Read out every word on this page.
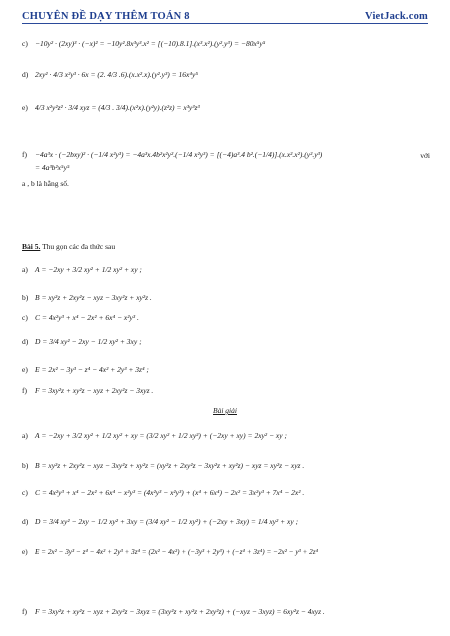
CHUYÊN ĐỀ DẠY THÊM TOÁN 8	VietJack.com
c) −10y² · (2xy)³ · (−x)² = −10y².8x³y³.x² = [(−10).8.1].(x³.x²).(y².y³) = −80x⁵y⁵
d) 2xy² · 4/3 x²y³ · 6x = (2. 4/3 .6).(x.x².x).(y².y³) = 16x⁴y⁵
e) 4/3 x²y²z² · 3/4 xyz = (4/3 . 3/4).(x²x).(y²y).(z²z) = x³y³z³
f) −4a³x · (−2bxy)² · (−1/4 x²y³) = −4a³x.4b²x²y².(−1/4 x²y³) = [(−4)a³.4 b².(−1/4)].(x.x².x²).(y².y³)	với
= 4a³b²x⁵y⁵
a , b là hằng số.
Bài 5. Thu gọn các đa thức sau
a) A = −2xy + 3/2 xy² + 1/2 xy² + xy ;
b) B = xy²z + 2xy²z − xyz − 3xy²z + xy²z .
c) C = 4x²y³ + x⁴ − 2x² + 6x⁴ − x²y³ .
d) D = 3/4 xy² − 2xy − 1/2 xy² + 3xy ;
e) E = 2x² − 3y³ − z⁴ − 4x² + 2y³ + 3z⁴ ;
f) F = 3xy²z + xy²z − xyz + 2xy²z − 3xyz .
Bài giải
a) A = −2xy + 3/2 xy² + 1/2 xy² + xy = (3/2 xy² + 1/2 xy²) + (−2xy + xy) = 2xy² − xy ;
b) B = xy²z + 2xy²z − xyz − 3xy²z + xy²z = (xy²z + 2xy²z − 3xy²z + xy²z) − xyz = xy²z − xyz .
c) C = 4x²y³ + x⁴ − 2x² + 6x⁴ − x²y³ = (4x²y³ − x²y³) + (x⁴ + 6x⁴) − 2x² = 3x²y³ + 7x⁴ − 2x² .
d) D = 3/4 xy² − 2xy − 1/2 xy² + 3xy = (3/4 xy² − 1/2 xy²) + (−2xy + 3xy) = 1/4 xy² + xy ;
e) E = 2x² − 3y³ − z⁴ − 4x² + 2y³ + 3z⁴ = (2x² − 4x²) + (−3y³ + 2y³) + (−z⁴ + 3z⁴) = −2x² − y³ + 2z⁴
f) F = 3xy²z + xy²z − xyz + 2xy²z − 3xyz = (3xy²z + xy²z + 2xy²z) + (−xyz − 3xyz) = 6xy²z − 4xyz .
